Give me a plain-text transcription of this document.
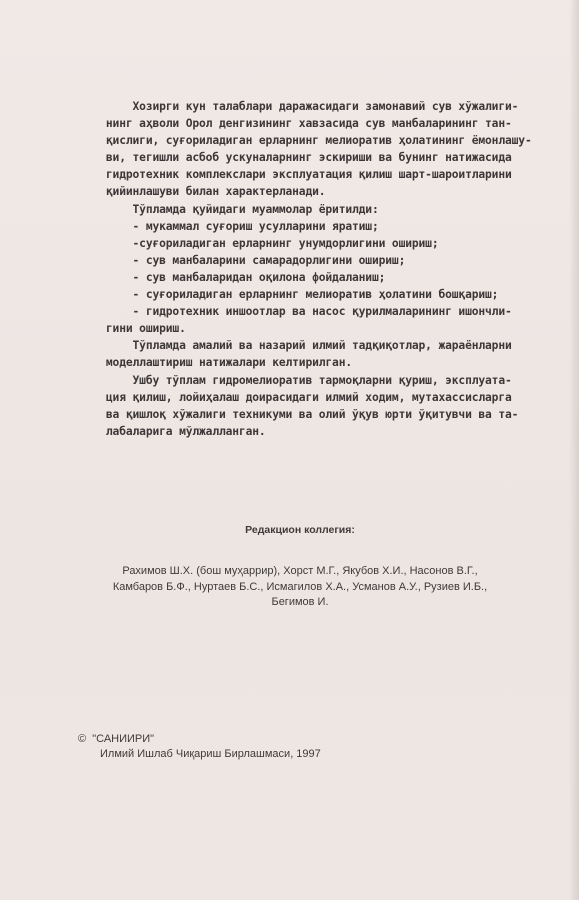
Хозирги кун талаблари даражасидаги замонавий сув хўжалиги-

нинг аҳволи Орол денгизининг хавзасида сув манбаларининг тан-

қислиги, суғориладиган ерларнинг мелиоратив ҳолатининг ёмонлашу-

ви, тегишли асбоб ускуналарнинг эскириши ва бунинг натижасида

гидротехник комплекслари эксплуатация қилиш шарт-шароитларини

қийинлашуви билан характерланади.

Тўпламда қуйидаги муаммолар ёритилди:

- мукаммал суғориш усулларини яратиш;

-суғориладиган ерларнинг унумдорлигини ошириш;

- сув манбаларини самарадорлигини ошириш;

- сув манбаларидан оқилона фойдаланиш;

- суғориладиган ерларнинг мелиоратив ҳолатини бошқариш;

- гидротехник иншоотлар ва насос қурилмаларининг ишончли-

гини ошириш.

Тўпламда амалий ва назарий илмий тадқиқотлар, жараёнларни

моделлаштириш натижалари келтирилган.

Ушбу тўплам гидромелиоратив тармоқларни қуриш, эксплуата-

ция қилиш, лойиҳалаш доирасидаги илмий ходим, мутахассисларга

ва қишлоқ хўжалиги техникуми ва олий ўқув юрти ўқитувчи ва та-

лабаларига мўлжалланган.

Редакцион коллегия:

Рахимов Ш.Х. (бош муҳаррир), Хорст М.Г., Якубов Х.И., Насонов В.Г.,

Камбаров Б.Ф., Нуртаев Б.С., Исмагилов Х.А., Усманов А.У., Рузиев И.Б.,

Бегимов И.

©  "САНИИРИ"

Илмий Ишлаб Чиқариш Бирлашмаси, 1997
